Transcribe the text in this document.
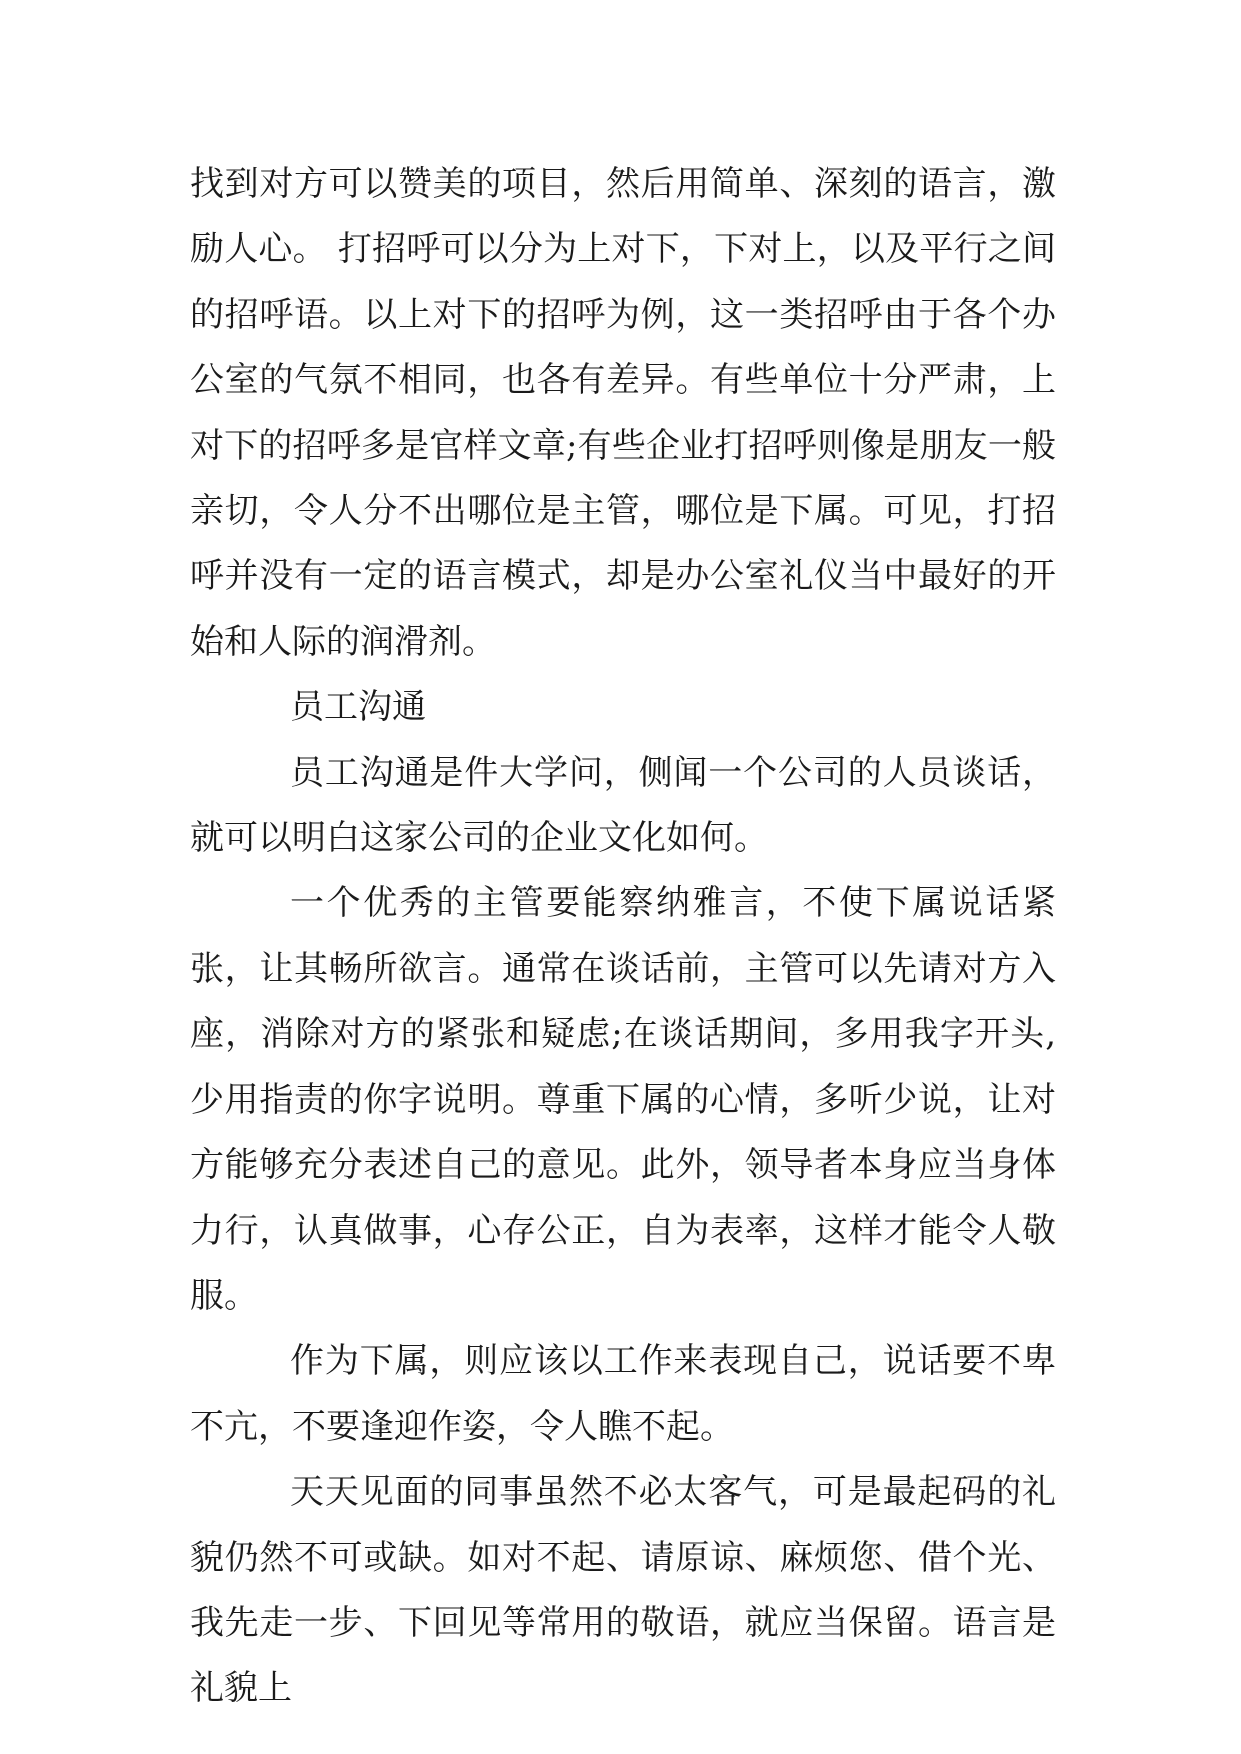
找到对方可以赞美的项目，然后用简单、深刻的语言，激励人心。 打招呼可以分为上对下，下对上，以及平行之间的招呼语。以上对下的招呼为例，这一类招呼由于各个办公室的气氛不相同，也各有差异。有些单位十分严肃，上对下的招呼多是官样文章;有些企业打招呼则像是朋友一般亲切，令人分不出哪位是主管，哪位是下属。可见，打招呼并没有一定的语言模式，却是办公室礼仪当中最好的开始和人际的润滑剂。

员工沟通

员工沟通是件大学问，侧闻一个公司的人员谈话，就可以明白这家公司的企业文化如何。

一个优秀的主管要能察纳雅言，不使下属说话紧张，让其畅所欲言。通常在谈话前，主管可以先请对方入座，消除对方的紧张和疑虑;在谈话期间，多用我字开头, 少用指责的你字说明。尊重下属的心情，多听少说，让对方能够充分表述自己的意见。此外，领导者本身应当身体力行，认真做事，心存公正，自为表率，这样才能令人敬服。

作为下属，则应该以工作来表现自己，说话要不卑不亢，不要逢迎作姿，令人瞧不起。

天天见面的同事虽然不必太客气，可是最起码的礼貌仍然不可或缺。如对不起、请原谅、麻烦您、借个光、我先走一步、下回见等常用的敬语，就应当保留。语言是礼貌上
